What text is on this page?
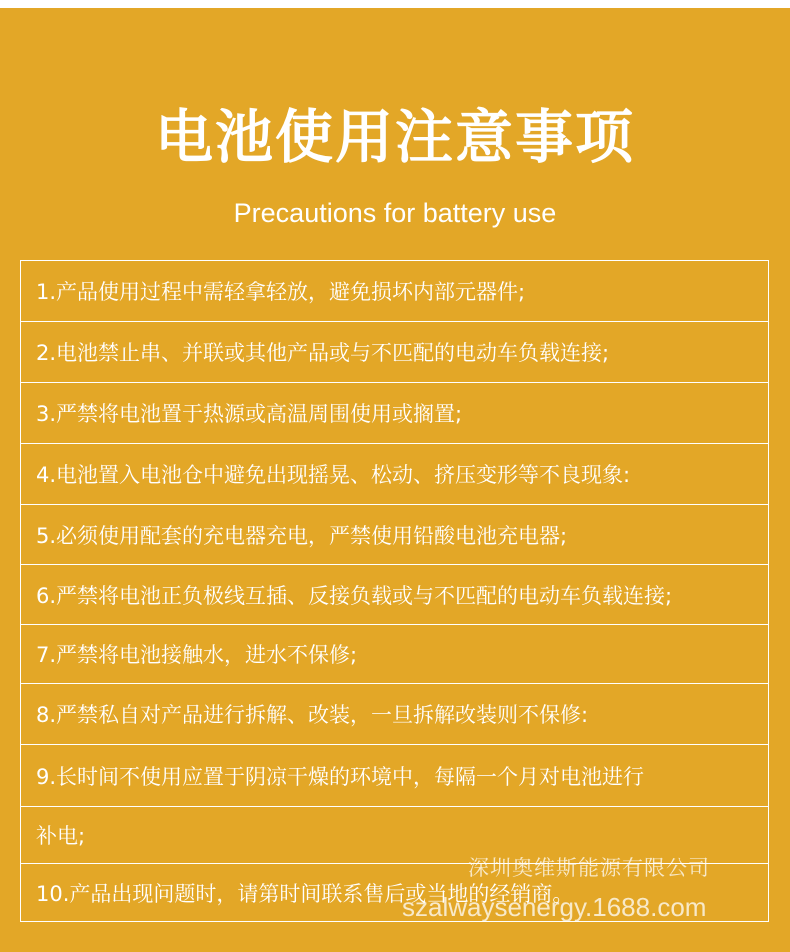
电池使用注意事项
Precautions for battery use
1.产品使用过程中需轻拿轻放，避免损坏内部元器件;
2.电池禁止串、并联或其他产品或与不匹配的电动车负载连接;
3.严禁将电池置于热源或高温周围使用或搁置;
4.电池置入电池仓中避免出现摇晃、松动、挤压变形等不良现象:
5.必须使用配套的充电器充电，严禁使用铅酸电池充电器;
6.严禁将电池正负极线互插、反接负载或与不匹配的电动车负载连接;
7.严禁将电池接触水，进水不保修;
8.严禁私自对产品进行拆解、改装，一旦拆解改装则不保修:
9.长时间不使用应置于阴凉干燥的环境中，每隔一个月对电池进行
补电;
10.产品出现问题时，请第时间联系售后或当地的经销商。
深圳奥维斯能源有限公司
szalwaysenergy.1688.com
